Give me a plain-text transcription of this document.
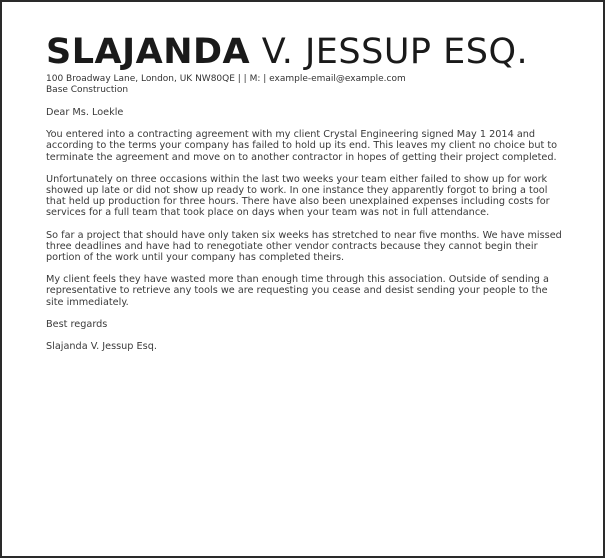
SLAJANDA V. JESSUP ESQ.
100 Broadway Lane, London, UK NW80QE | | M: | example-email@example.com
Base Construction

Dear Ms. Loekle

You entered into a contracting agreement with my client Crystal Engineering signed May 1 2014 and according to the terms your company has failed to hold up its end. This leaves my client no choice but to terminate the agreement and move on to another contractor in hopes of getting their project completed.

Unfortunately on three occasions within the last two weeks your team either failed to show up for work showed up late or did not show up ready to work. In one instance they apparently forgot to bring a tool that held up production for three hours. There have also been unexplained expenses including costs for services for a full team that took place on days when your team was not in full attendance.

So far a project that should have only taken six weeks has stretched to near five months. We have missed three deadlines and have had to renegotiate other vendor contracts because they cannot begin their portion of the work until your company has completed theirs.

My client feels they have wasted more than enough time through this association. Outside of sending a representative to retrieve any tools we are requesting you cease and desist sending your people to the site immediately.

Best regards

Slajanda V. Jessup Esq.
